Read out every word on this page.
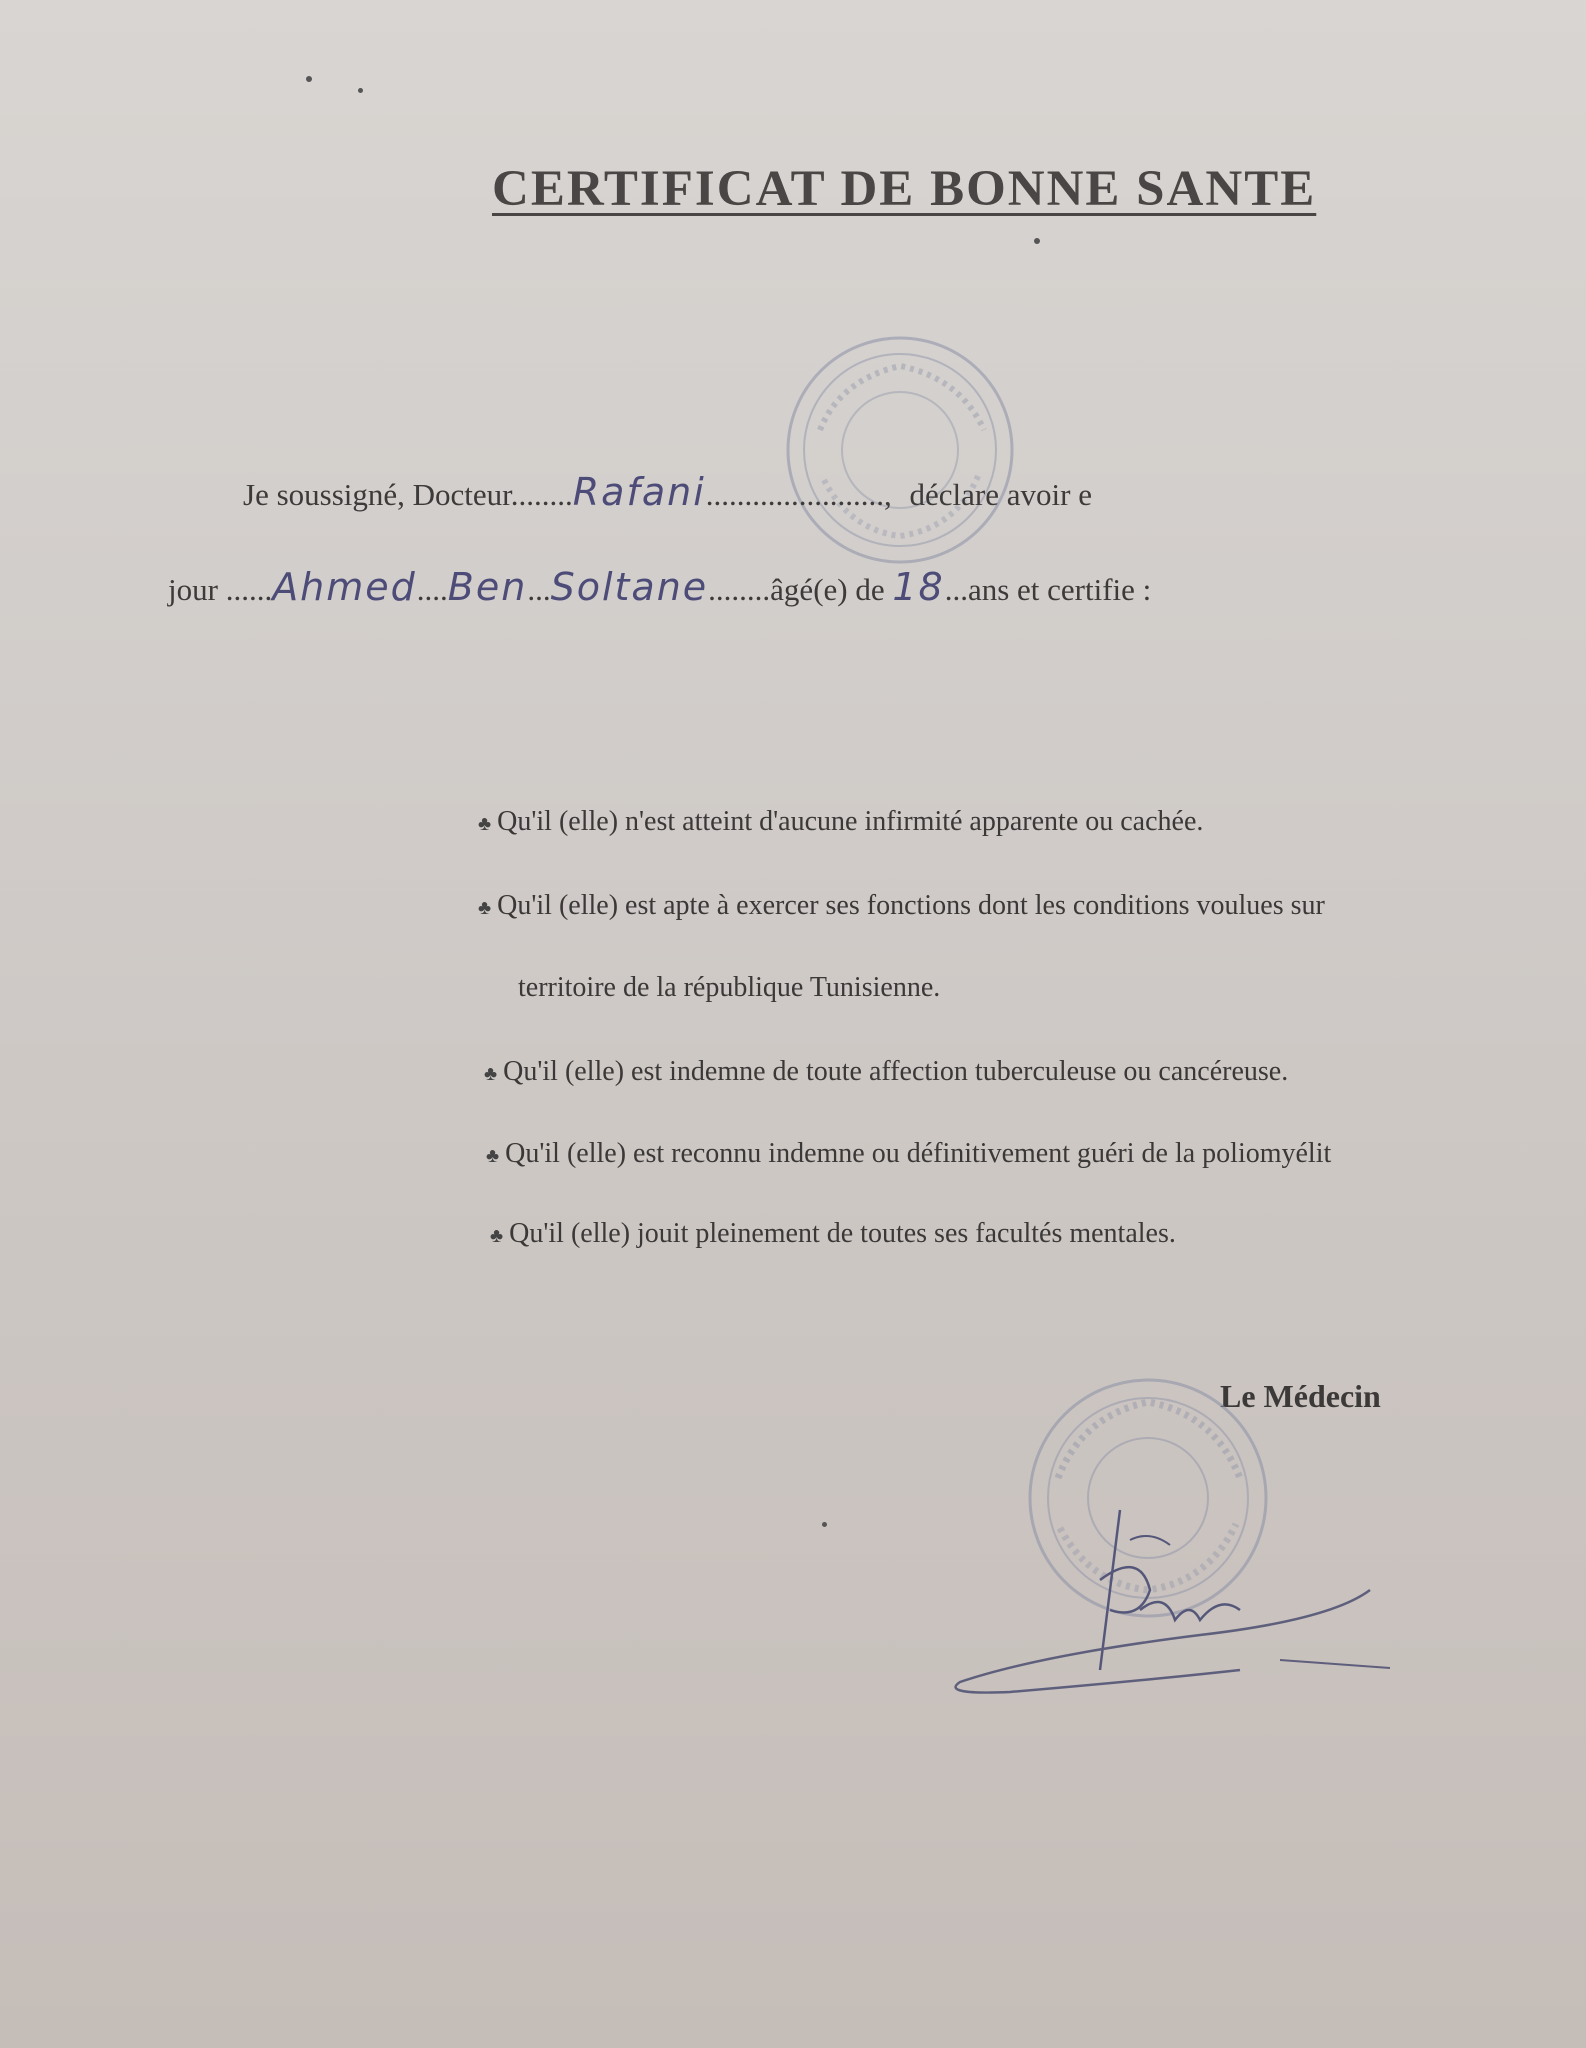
CERTIFICAT DE BONNE SANTE
Je soussigné, Docteur........Rafani......................., déclare avoir e
jour ......Ahmed....Ben...Soltane........âgé(e) de 18...ans et certifie :
♣ Qu'il (elle) n'est atteint d'aucune infirmité apparente ou cachée.
♣ Qu'il (elle) est apte à exercer ses fonctions dont les conditions voulues sur
territoire de la république Tunisienne.
♣ Qu'il (elle) est indemne de toute affection tuberculeuse ou cancéreuse.
♣ Qu'il (elle) est reconnu indemne ou définitivement guéri de la poliomyélit
♣ Qu'il (elle) jouit pleinement de toutes ses facultés mentales.
Le Médecin
